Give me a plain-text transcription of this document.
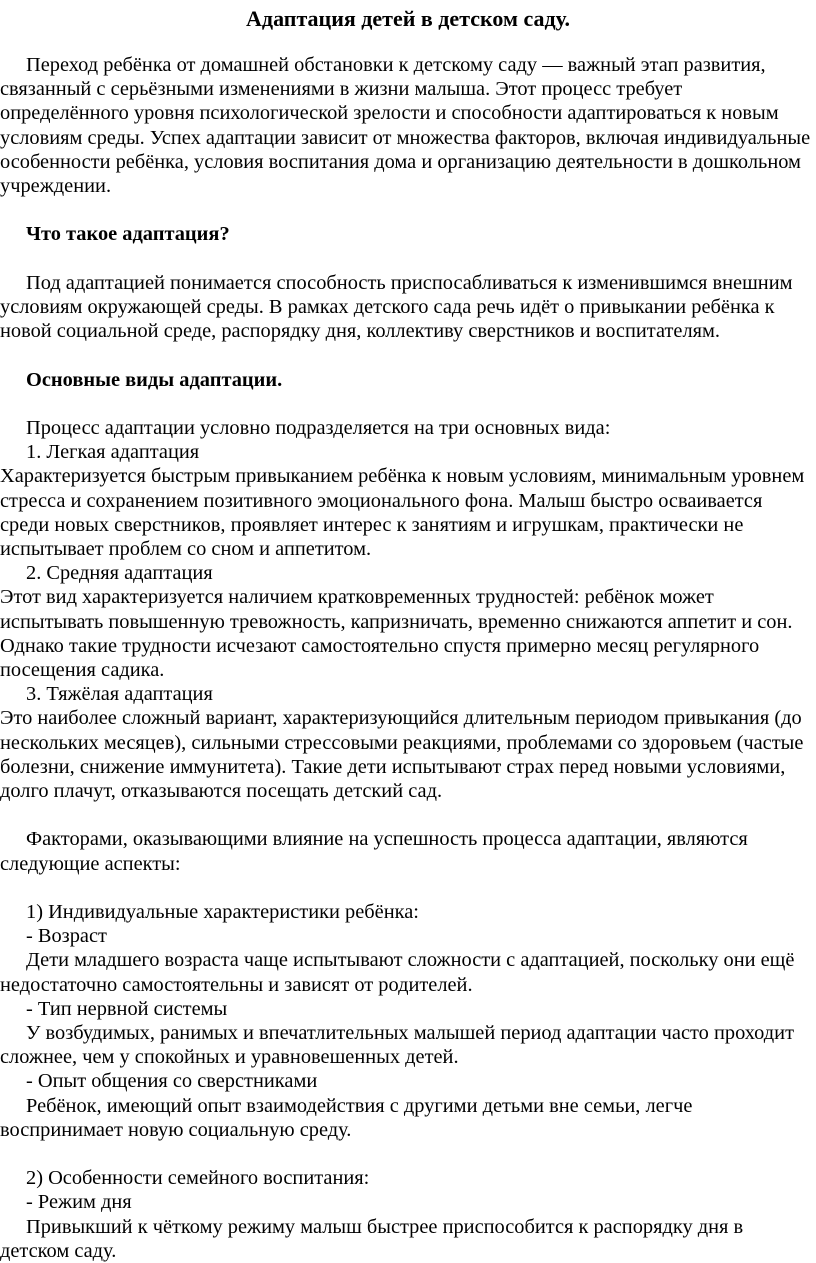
Адаптация детей в детском саду.

Переход ребёнка от домашней обстановки к детскому саду — важный этап развития, связанный с серьёзными изменениями в жизни малыша. Этот процесс требует определённого уровня психологической зрелости и способности адаптироваться к новым условиям среды. Успех адаптации зависит от множества факторов, включая индивидуальные особенности ребёнка, условия воспитания дома и организацию деятельности в дошкольном учреждении.

Что такое адаптация?

Под адаптацией понимается способность приспосабливаться к изменившимся внешним условиям окружающей среды. В рамках детского сада речь идёт о привыкании ребёнка к новой социальной среде, распорядку дня, коллективу сверстников и воспитателям.

Основные виды адаптации.

Процесс адаптации условно подразделяется на три основных вида:

1. Легкая адаптация

Характеризуется быстрым привыканием ребёнка к новым условиям, минимальным уровнем стресса и сохранением позитивного эмоционального фона. Малыш быстро осваивается среди новых сверстников, проявляет интерес к занятиям и игрушкам, практически не испытывает проблем со сном и аппетитом.

2. Средняя адаптация

Этот вид характеризуется наличием кратковременных трудностей: ребёнок может испытывать повышенную тревожность, капризничать, временно снижаются аппетит и сон. Однако такие трудности исчезают самостоятельно спустя примерно месяц регулярного посещения садика.

3. Тяжёлая адаптация

Это наиболее сложный вариант, характеризующийся длительным периодом привыкания (до нескольких месяцев), сильными стрессовыми реакциями, проблемами со здоровьем (частые болезни, снижение иммунитета). Такие дети испытывают страх перед новыми условиями, долго плачут, отказываются посещать детский сад.

Факторами, оказывающими влияние на успешность процесса адаптации, являются следующие аспекты:

1) Индивидуальные характеристики ребёнка:

- Возраст

Дети младшего возраста чаще испытывают сложности с адаптацией, поскольку они ещё недостаточно самостоятельны и зависят от родителей.

- Тип нервной системы

У возбудимых, ранимых и впечатлительных малышей период адаптации часто проходит сложнее, чем у спокойных и уравновешенных детей.

- Опыт общения со сверстниками

Ребёнок, имеющий опыт взаимодействия с другими детьми вне семьи, легче воспринимает новую социальную среду.

2) Особенности семейного воспитания:

- Режим дня

Привыкший к чёткому режиму малыш быстрее приспособится к распорядку дня в детском саду.
